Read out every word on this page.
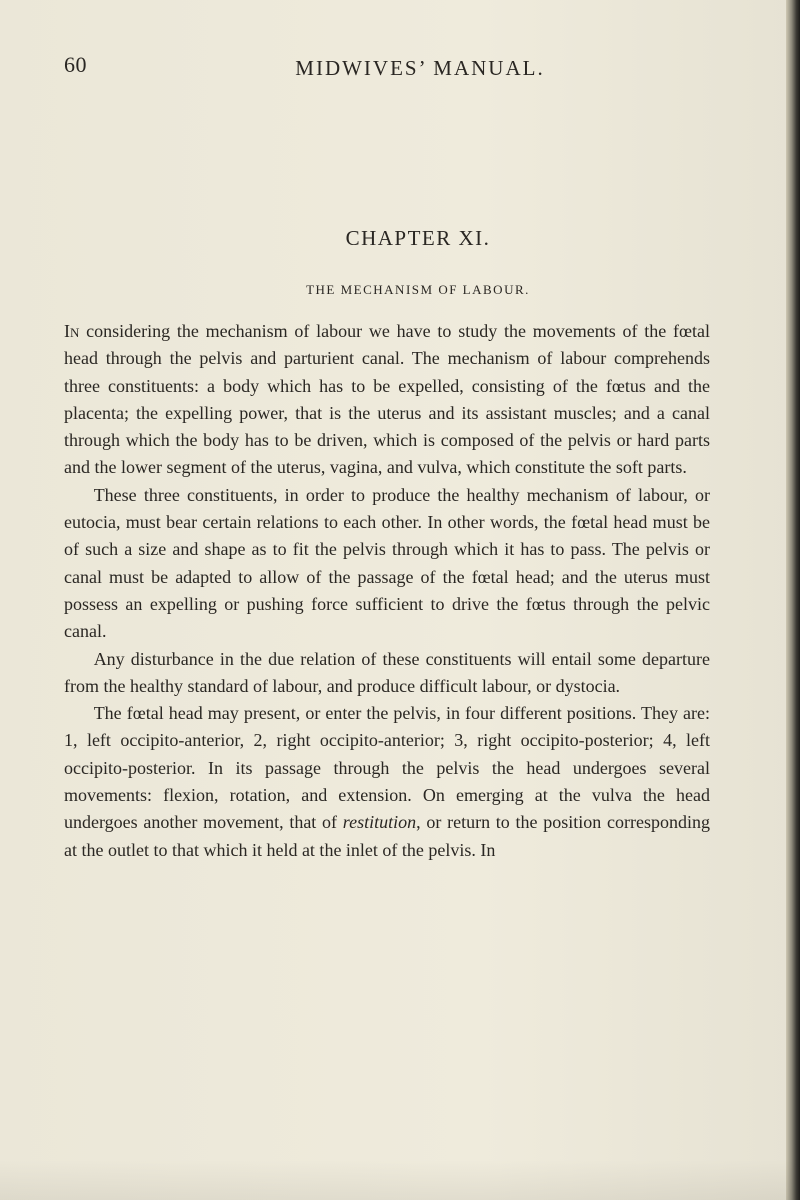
60	MIDWIVES’ MANUAL.
CHAPTER XI.
THE MECHANISM OF LABOUR.

In considering the mechanism of labour we have to study the movements of the fœtal head through the pelvis and parturient canal. The mechanism of labour comprehends three constituents: a body which has to be expelled, consisting of the fœtus and the placenta; the expelling power, that is the uterus and its assistant muscles; and a canal through which the body has to be driven, which is composed of the pelvis or hard parts and the lower segment of the uterus, vagina, and vulva, which constitute the soft parts.

These three constituents, in order to produce the healthy mechanism of labour, or eutocia, must bear certain relations to each other. In other words, the fœtal head must be of such a size and shape as to fit the pelvis through which it has to pass. The pelvis or canal must be adapted to allow of the passage of the fœtal head; and the uterus must possess an expelling or pushing force sufficient to drive the fœtus through the pelvic canal.

Any disturbance in the due relation of these constituents will entail some departure from the healthy standard of labour, and produce difficult labour, or dystocia.

The fœtal head may present, or enter the pelvis, in four different positions. They are: 1, left occipito-anterior, 2, right occipito-anterior; 3, right occipito-posterior; 4, left occipito-posterior. In its passage through the pelvis the head undergoes several movements: flexion, rotation, and extension. On emerging at the vulva the head undergoes another movement, that of restitution, or return to the position corresponding at the outlet to that which it held at the inlet of the pelvis. In
